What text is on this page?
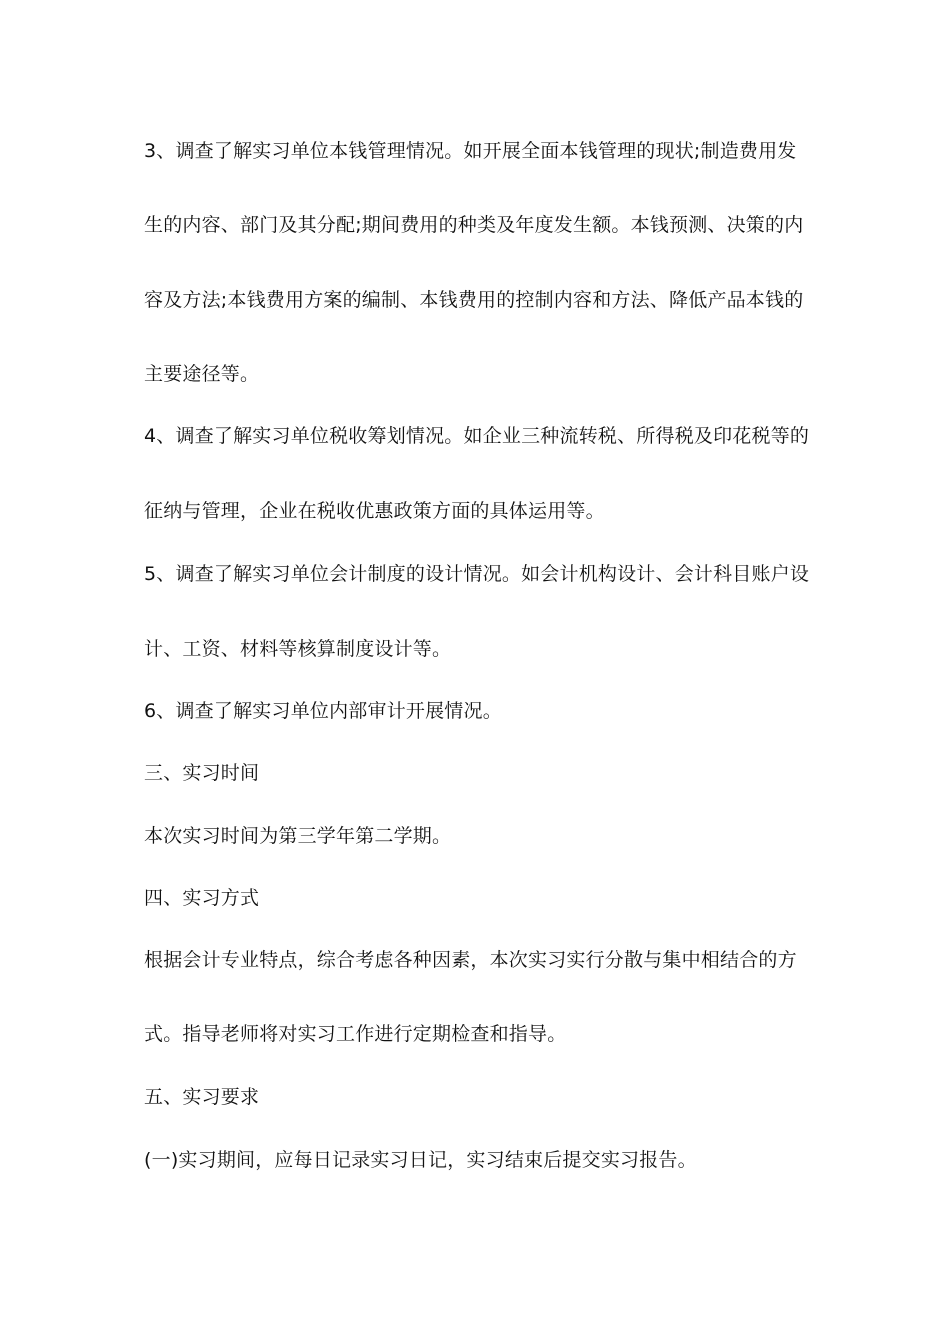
3、调查了解实习单位本钱管理情况。如开展全面本钱管理的现状;制造费用发

生的内容、部门及其分配;期间费用的种类及年度发生额。本钱预测、决策的内

容及方法;本钱费用方案的编制、本钱费用的控制内容和方法、降低产品本钱的

主要途径等。

4、调查了解实习单位税收筹划情况。如企业三种流转税、所得税及印花税等的

征纳与管理，企业在税收优惠政策方面的具体运用等。

5、调查了解实习单位会计制度的设计情况。如会计机构设计、会计科目账户设

计、工资、材料等核算制度设计等。

6、调查了解实习单位内部审计开展情况。

三、实习时间

本次实习时间为第三学年第二学期。

四、实习方式

根据会计专业特点，综合考虑各种因素，本次实习实行分散与集中相结合的方

式。指导老师将对实习工作进行定期检查和指导。

五、实习要求

(一)实习期间，应每日记录实习日记，实习结束后提交实习报告。
